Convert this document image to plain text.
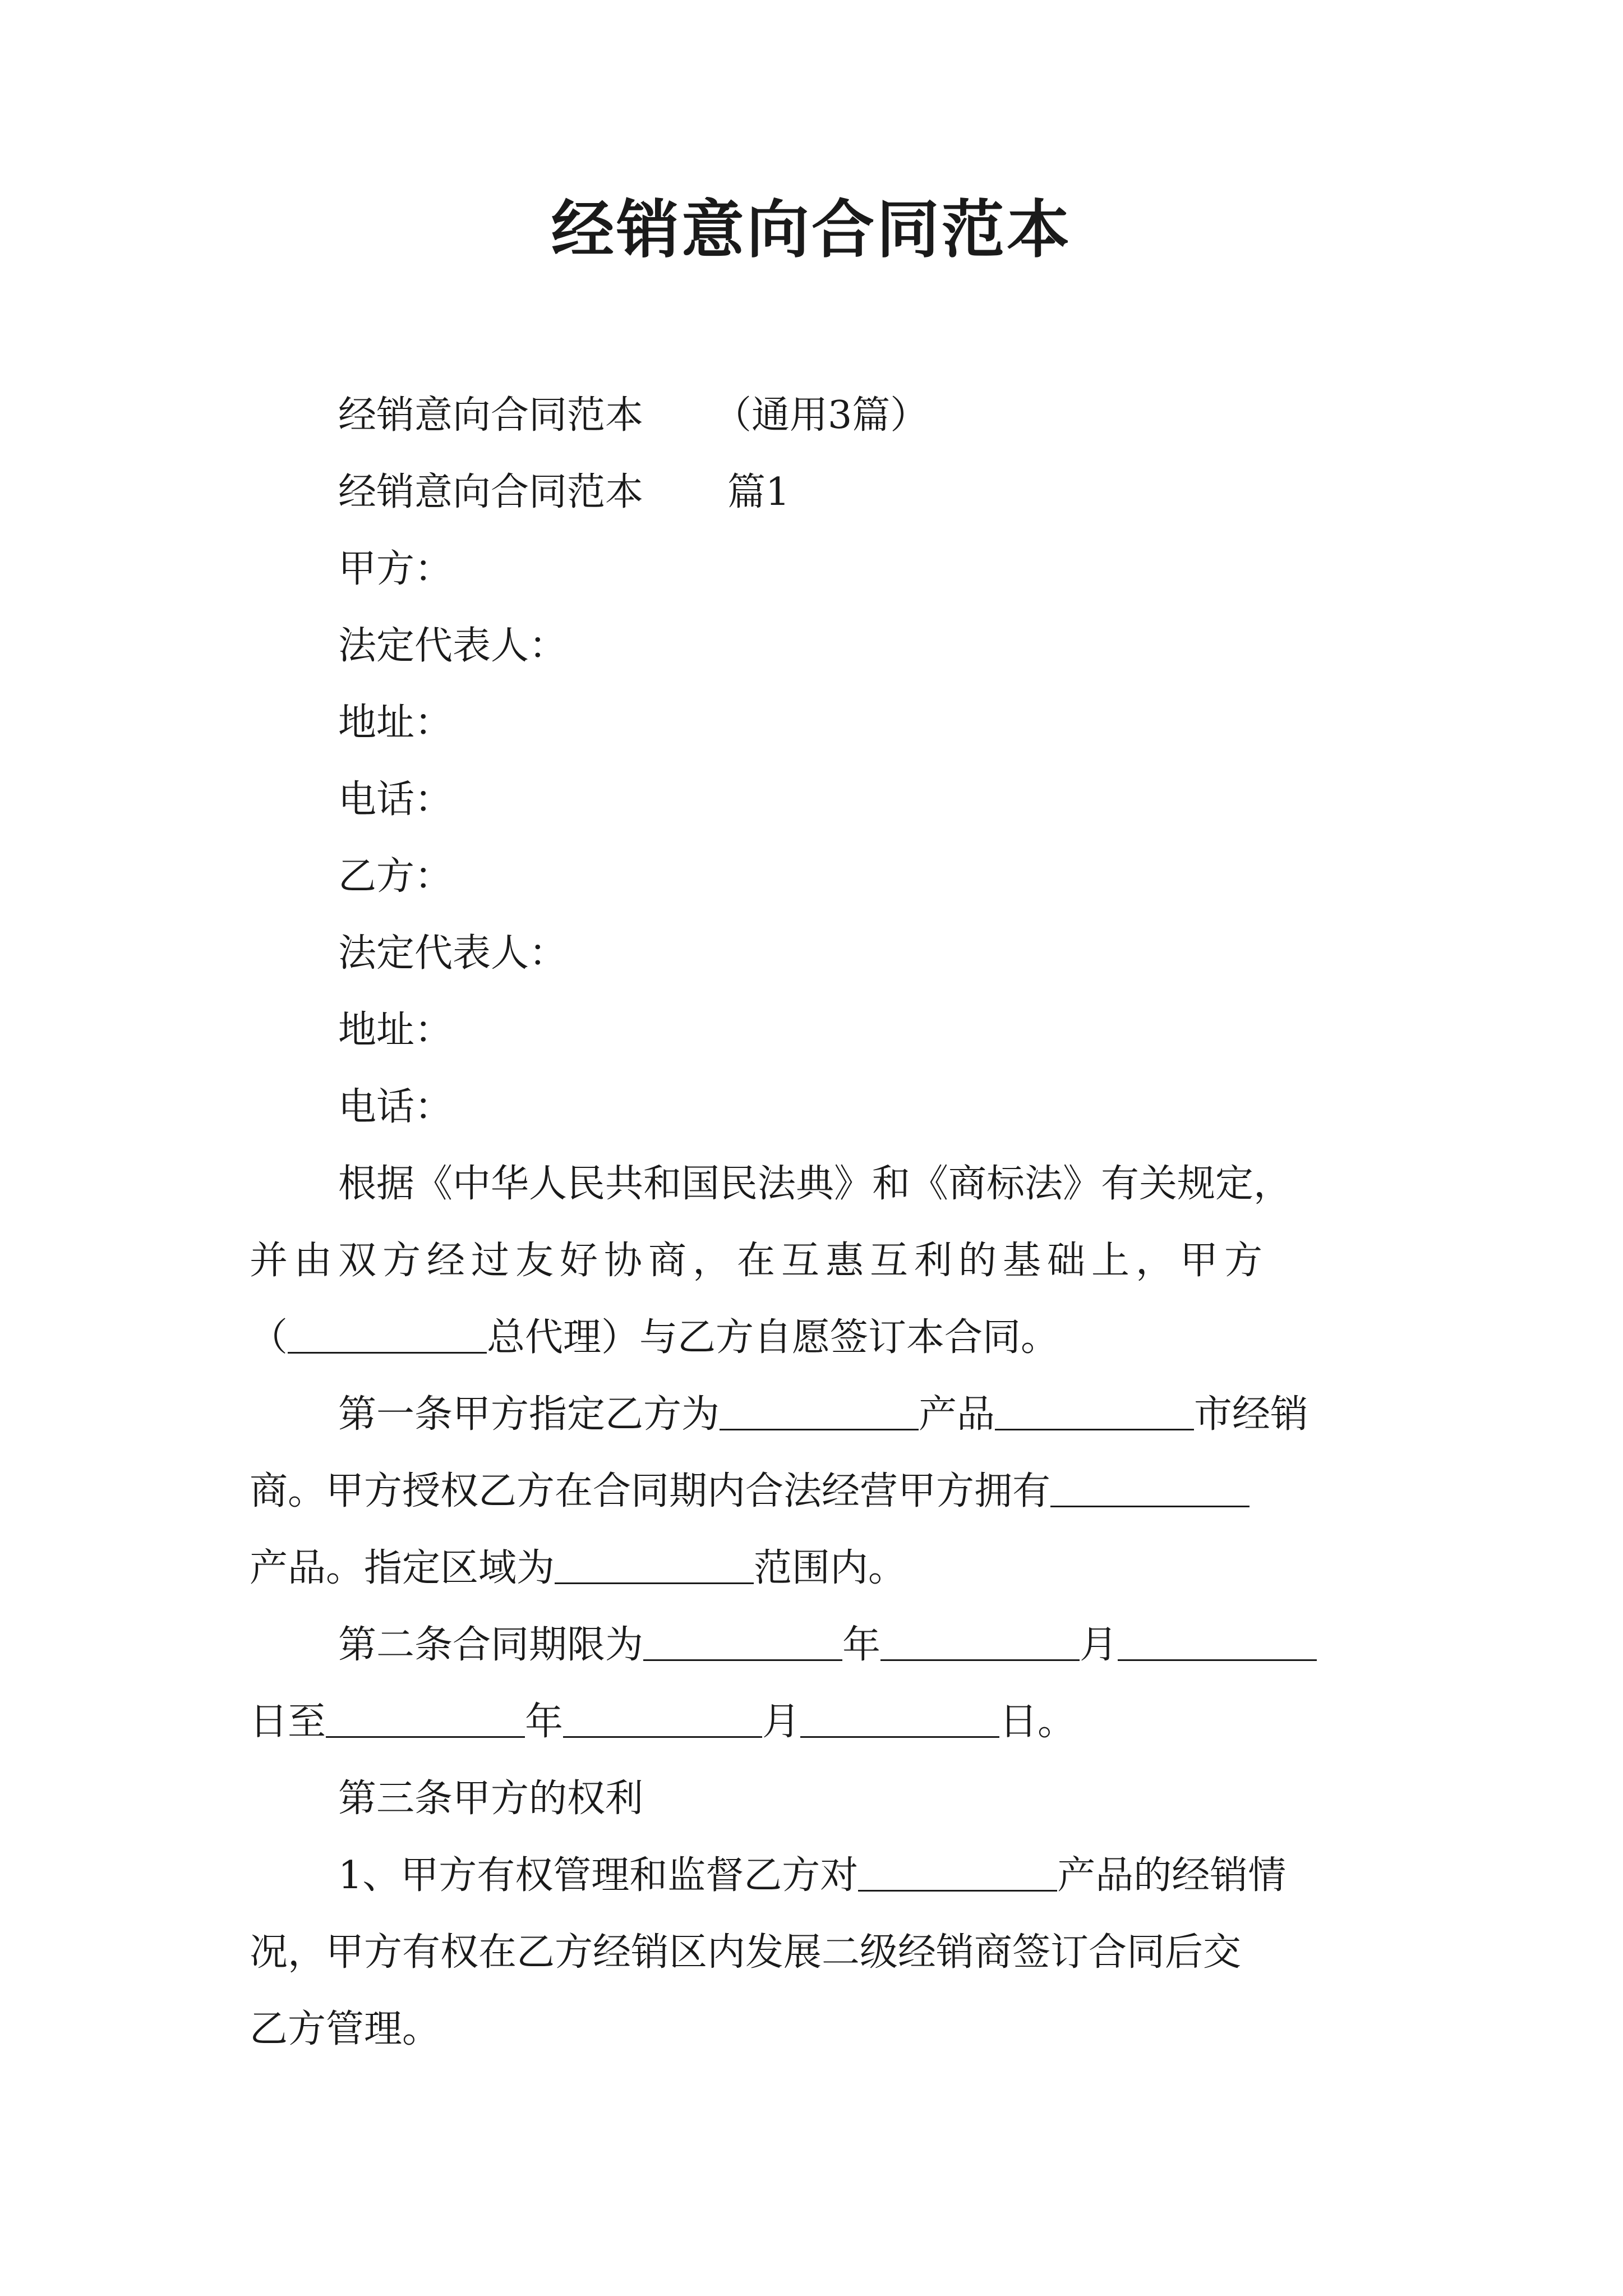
经销意向合同范本

经销意向合同范本 （通用3篇）

经销意向合同范本 篇1

甲方：

法定代表人：

地址：

电话：

乙方：

法定代表人：

地址：

电话：

根据《中华人民共和国民法典》和《商标法》有关规定，

并由双方经过友好协商，在互惠互利的基础上，甲方

（	总代理）与乙方自愿签订本合同。

第一条甲方指定乙方为	产品	市经销

商。甲方授权乙方在合同期内合法经营甲方拥有

产品。指定区域为	范围内。

第二条合同期限为	年	月

日至	年	月	日。

第三条甲方的权利

1、甲方有权管理和监督乙方对	产品的经销情

况，甲方有权在乙方经销区内发展二级经销商签订合同后交

乙方管理。
